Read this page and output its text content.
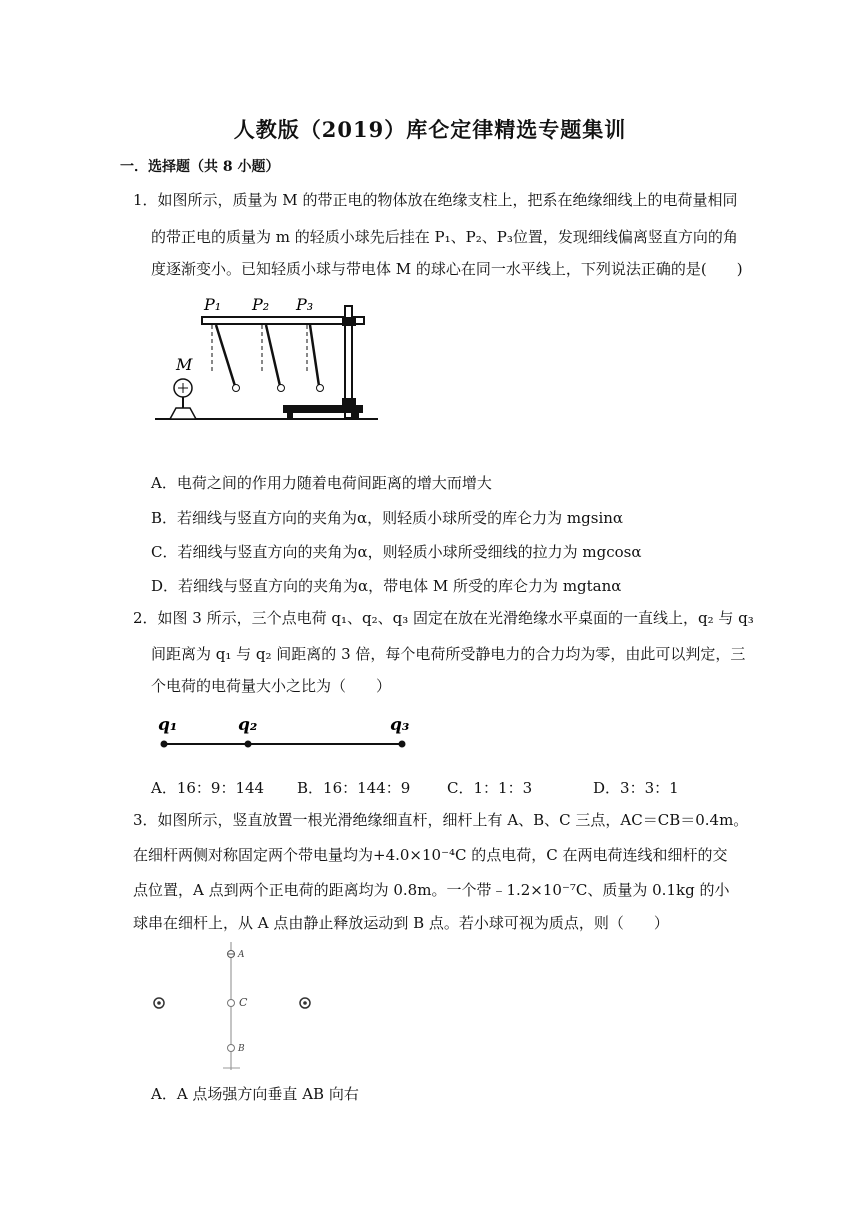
人教版（2019）库仑定律精选专题集训
一．选择题（共 8 小题）
1．如图所示，质量为 M 的带正电的物体放在绝缘支柱上，把系在绝缘细线上的电荷量相同
的带正电的质量为 m 的轻质小球先后挂在 P₁、P₂、P₃位置，发现细线偏离竖直方向的角
度逐渐变小。已知轻质小球与带电体 M 的球心在同一水平线上，下列说法正确的是(　　)
P₁ P₂ P₃
M
A．电荷之间的作用力随着电荷间距离的增大而增大
B．若细线与竖直方向的夹角为α，则轻质小球所受的库仑力为 mgsinα
C．若细线与竖直方向的夹角为α，则轻质小球所受细线的拉力为 mgcosα
D．若细线与竖直方向的夹角为α，带电体 M 所受的库仑力为 mgtanα
2．如图 3 所示，三个点电荷 q₁、q₂、q₃ 固定在放在光滑绝缘水平桌面的一直线上，q₂ 与 q₃
间距离为 q₁ 与 q₂ 间距离的 3 倍，每个电荷所受静电力的合力均为零，由此可以判定，三
个电荷的电荷量大小之比为（　　）
q₁	q₂	q₃
A．16：9：144 B．16：144：9 C．1：1：3	D．3：3：1
3．如图所示，竖直放置一根光滑绝缘细直杆，细杆上有 A、B、C 三点，AC＝CB＝0.4m。
在细杆两侧对称固定两个带电量均为+4.0×10⁻⁴C 的点电荷，C 在两电荷连线和细杆的交
点位置，A 点到两个正电荷的距离均为 0.8m。一个带﹣1.2×10⁻⁷C、质量为 0.1kg 的小
球串在细杆上，从 A 点由静止释放运动到 B 点。若小球可视为质点，则（　　）
A
C
B
A．A 点场强方向垂直 AB 向右
